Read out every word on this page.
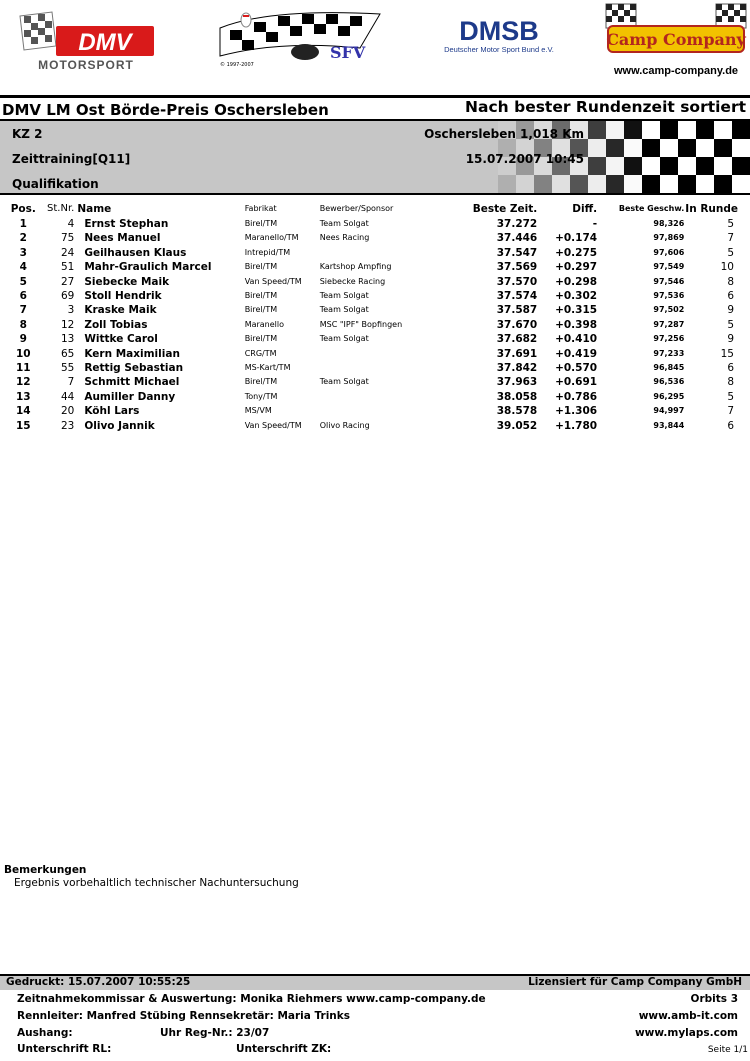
DMV
MOTORSPORT
SFV
© 1997-2007
DMSB
Deutscher Motor Sport Bund e.V.
Camp Company
www.camp-company.de
DMV LM Ost Börde-Preis Oschersleben	Nach bester Rundenzeit sortiert
KZ 2
Zeittraining[Q11]
Qualifikation
Oschersleben 1,018 Km
15.07.2007 10:45
Pos.	St.Nr.	Name	Fabrikat	Bewerber/Sponsor	Beste Zeit.	Diff.	Beste Geschw.	In Runde
1	4	Ernst Stephan	Birel/TM	Team Solgat	37.272	-	98,326	5
2	75	Nees Manuel	Maranello/TM	Nees Racing	37.446	+0.174	97,869	7
3	24	Geilhausen Klaus	Intrepid/TM		37.547	+0.275	97,606	5
4	51	Mahr-Graulich Marcel	Birel/TM	Kartshop Ampfing	37.569	+0.297	97,549	10
5	27	Siebecke Maik	Van Speed/TM	Siebecke Racing	37.570	+0.298	97,546	8
6	69	Stoll Hendrik	Birel/TM	Team Solgat	37.574	+0.302	97,536	6
7	3	Kraske Maik	Birel/TM	Team Solgat	37.587	+0.315	97,502	9
8	12	Zoll Tobias	Maranello	MSC "IPF" Bopfingen	37.670	+0.398	97,287	5
9	13	Wittke Carol	Birel/TM	Team Solgat	37.682	+0.410	97,256	9
10	65	Kern Maximilian	CRG/TM		37.691	+0.419	97,233	15
11	55	Rettig Sebastian	MS-Kart/TM		37.842	+0.570	96,845	6
12	7	Schmitt Michael	Birel/TM	Team Solgat	37.963	+0.691	96,536	8
13	44	Aumiller Danny	Tony/TM		38.058	+0.786	96,295	5
14	20	Köhl Lars	MS/VM		38.578	+1.306	94,997	7
15	23	Olivo Jannik	Van Speed/TM	Olivo Racing	39.052	+1.780	93,844	6
Bemerkungen
Ergebnis vorbehaltlich technischer Nachuntersuchung
Gedruckt: 15.07.2007 10:55:25	Lizensiert für Camp Company GmbH
Zeitnahmekommissar & Auswertung: Monika Riehmers www.camp-company.de
Rennleiter: Manfred Stübing Rennsekretär: Maria Trinks
Aushang:	Uhr Reg-Nr.: 23/07
Unterschrift RL:	Unterschrift ZK:
Orbits 3
www.amb-it.com
www.mylaps.com
Seite 1/1
